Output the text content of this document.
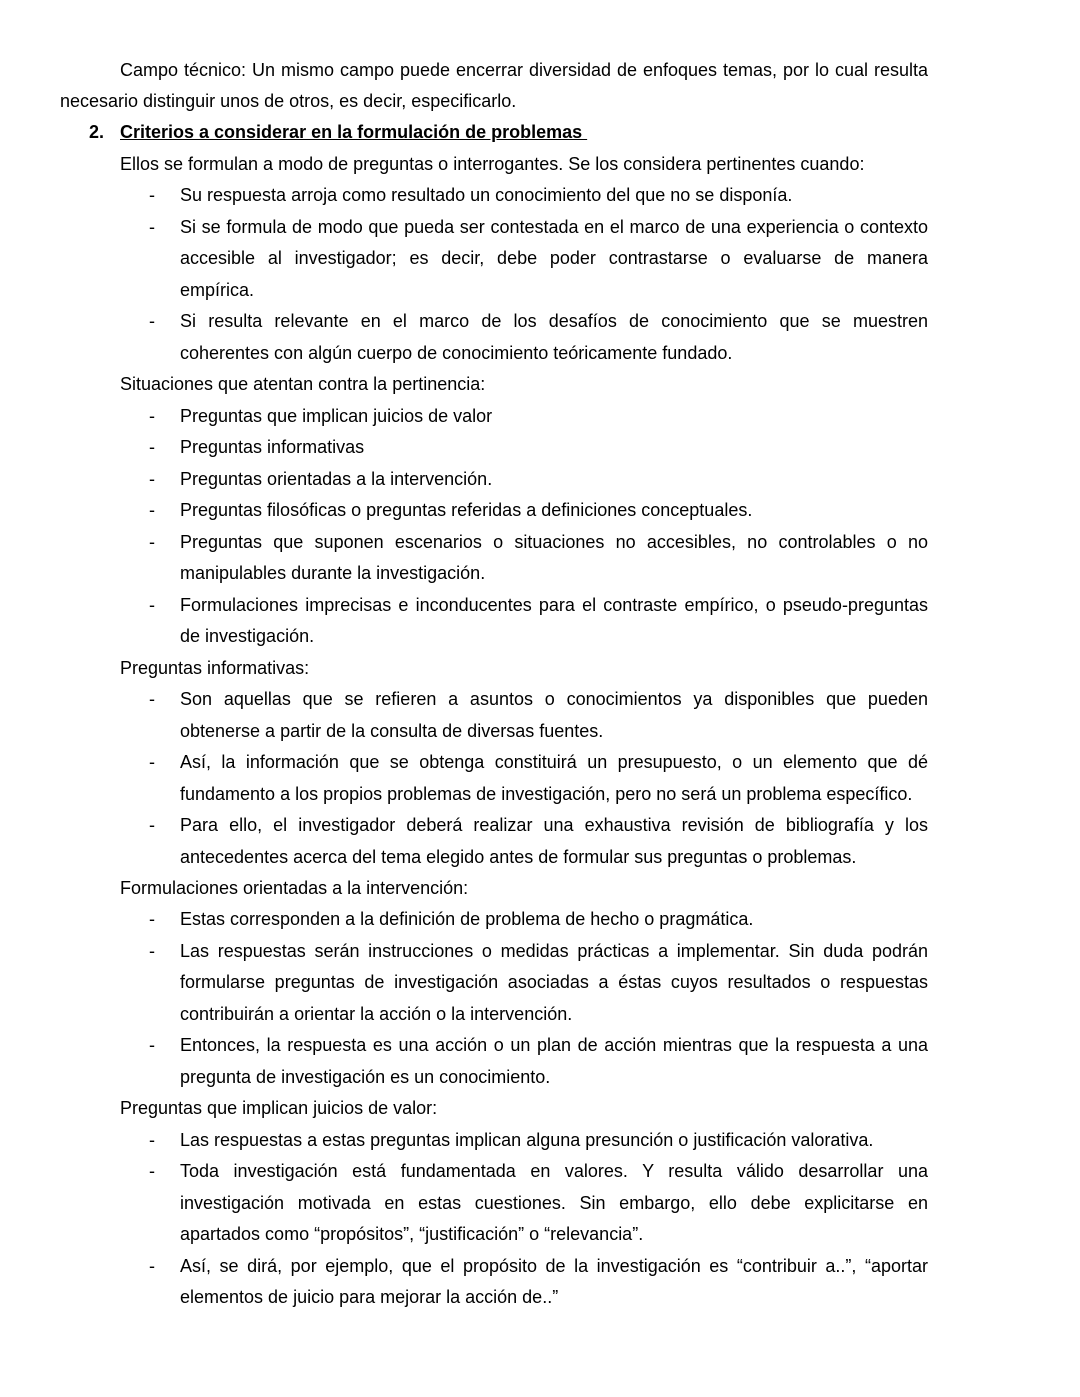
Campo técnico: Un mismo campo puede encerrar diversidad de enfoques temas, por lo cual resulta
necesario distinguir unos de otros, es decir, especificarlo.
2. Criterios a considerar en la formulación de problemas
Ellos se formulan a modo de preguntas o interrogantes. Se los considera pertinentes cuando:
- Su respuesta arroja como resultado un conocimiento del que no se disponía.
- Si se formula de modo que pueda ser contestada en el marco de una experiencia o contexto
accesible al investigador; es decir, debe poder contrastarse o evaluarse de manera
empírica.
- Si resulta relevante en el marco de los desafíos de conocimiento que se muestren
coherentes con algún cuerpo de conocimiento teóricamente fundado.
Situaciones que atentan contra la pertinencia:
- Preguntas que implican juicios de valor
- Preguntas informativas
- Preguntas orientadas a la intervención.
- Preguntas filosóficas o preguntas referidas a definiciones conceptuales.
- Preguntas que suponen escenarios o situaciones no accesibles, no controlables o no
manipulables durante la investigación.
- Formulaciones imprecisas e inconducentes para el contraste empírico, o pseudo-preguntas
de investigación.
Preguntas informativas:
- Son aquellas que se refieren a asuntos o conocimientos ya disponibles que pueden
obtenerse a partir de la consulta de diversas fuentes.
- Así, la información que se obtenga constituirá un presupuesto, o un elemento que dé
fundamento a los propios problemas de investigación, pero no será un problema específico.
- Para ello, el investigador deberá realizar una exhaustiva revisión de bibliografía y los
antecedentes acerca del tema elegido antes de formular sus preguntas o problemas.
Formulaciones orientadas a la intervención:
- Estas corresponden a la definición de problema de hecho o pragmática.
- Las respuestas serán instrucciones o medidas prácticas a implementar. Sin duda podrán
formularse preguntas de investigación asociadas a éstas cuyos resultados o respuestas
contribuirán a orientar la acción o la intervención.
- Entonces, la respuesta es una acción o un plan de acción mientras que la respuesta a una
pregunta de investigación es un conocimiento.
Preguntas que implican juicios de valor:
- Las respuestas a estas preguntas implican alguna presunción o justificación valorativa.
- Toda investigación está fundamentada en valores. Y resulta válido desarrollar una
investigación motivada en estas cuestiones. Sin embargo, ello debe explicitarse en
apartados como “propósitos”, “justificación” o “relevancia”.
- Así, se dirá, por ejemplo, que el propósito de la investigación es “contribuir a..”, “aportar
elementos de juicio para mejorar la acción de..”
